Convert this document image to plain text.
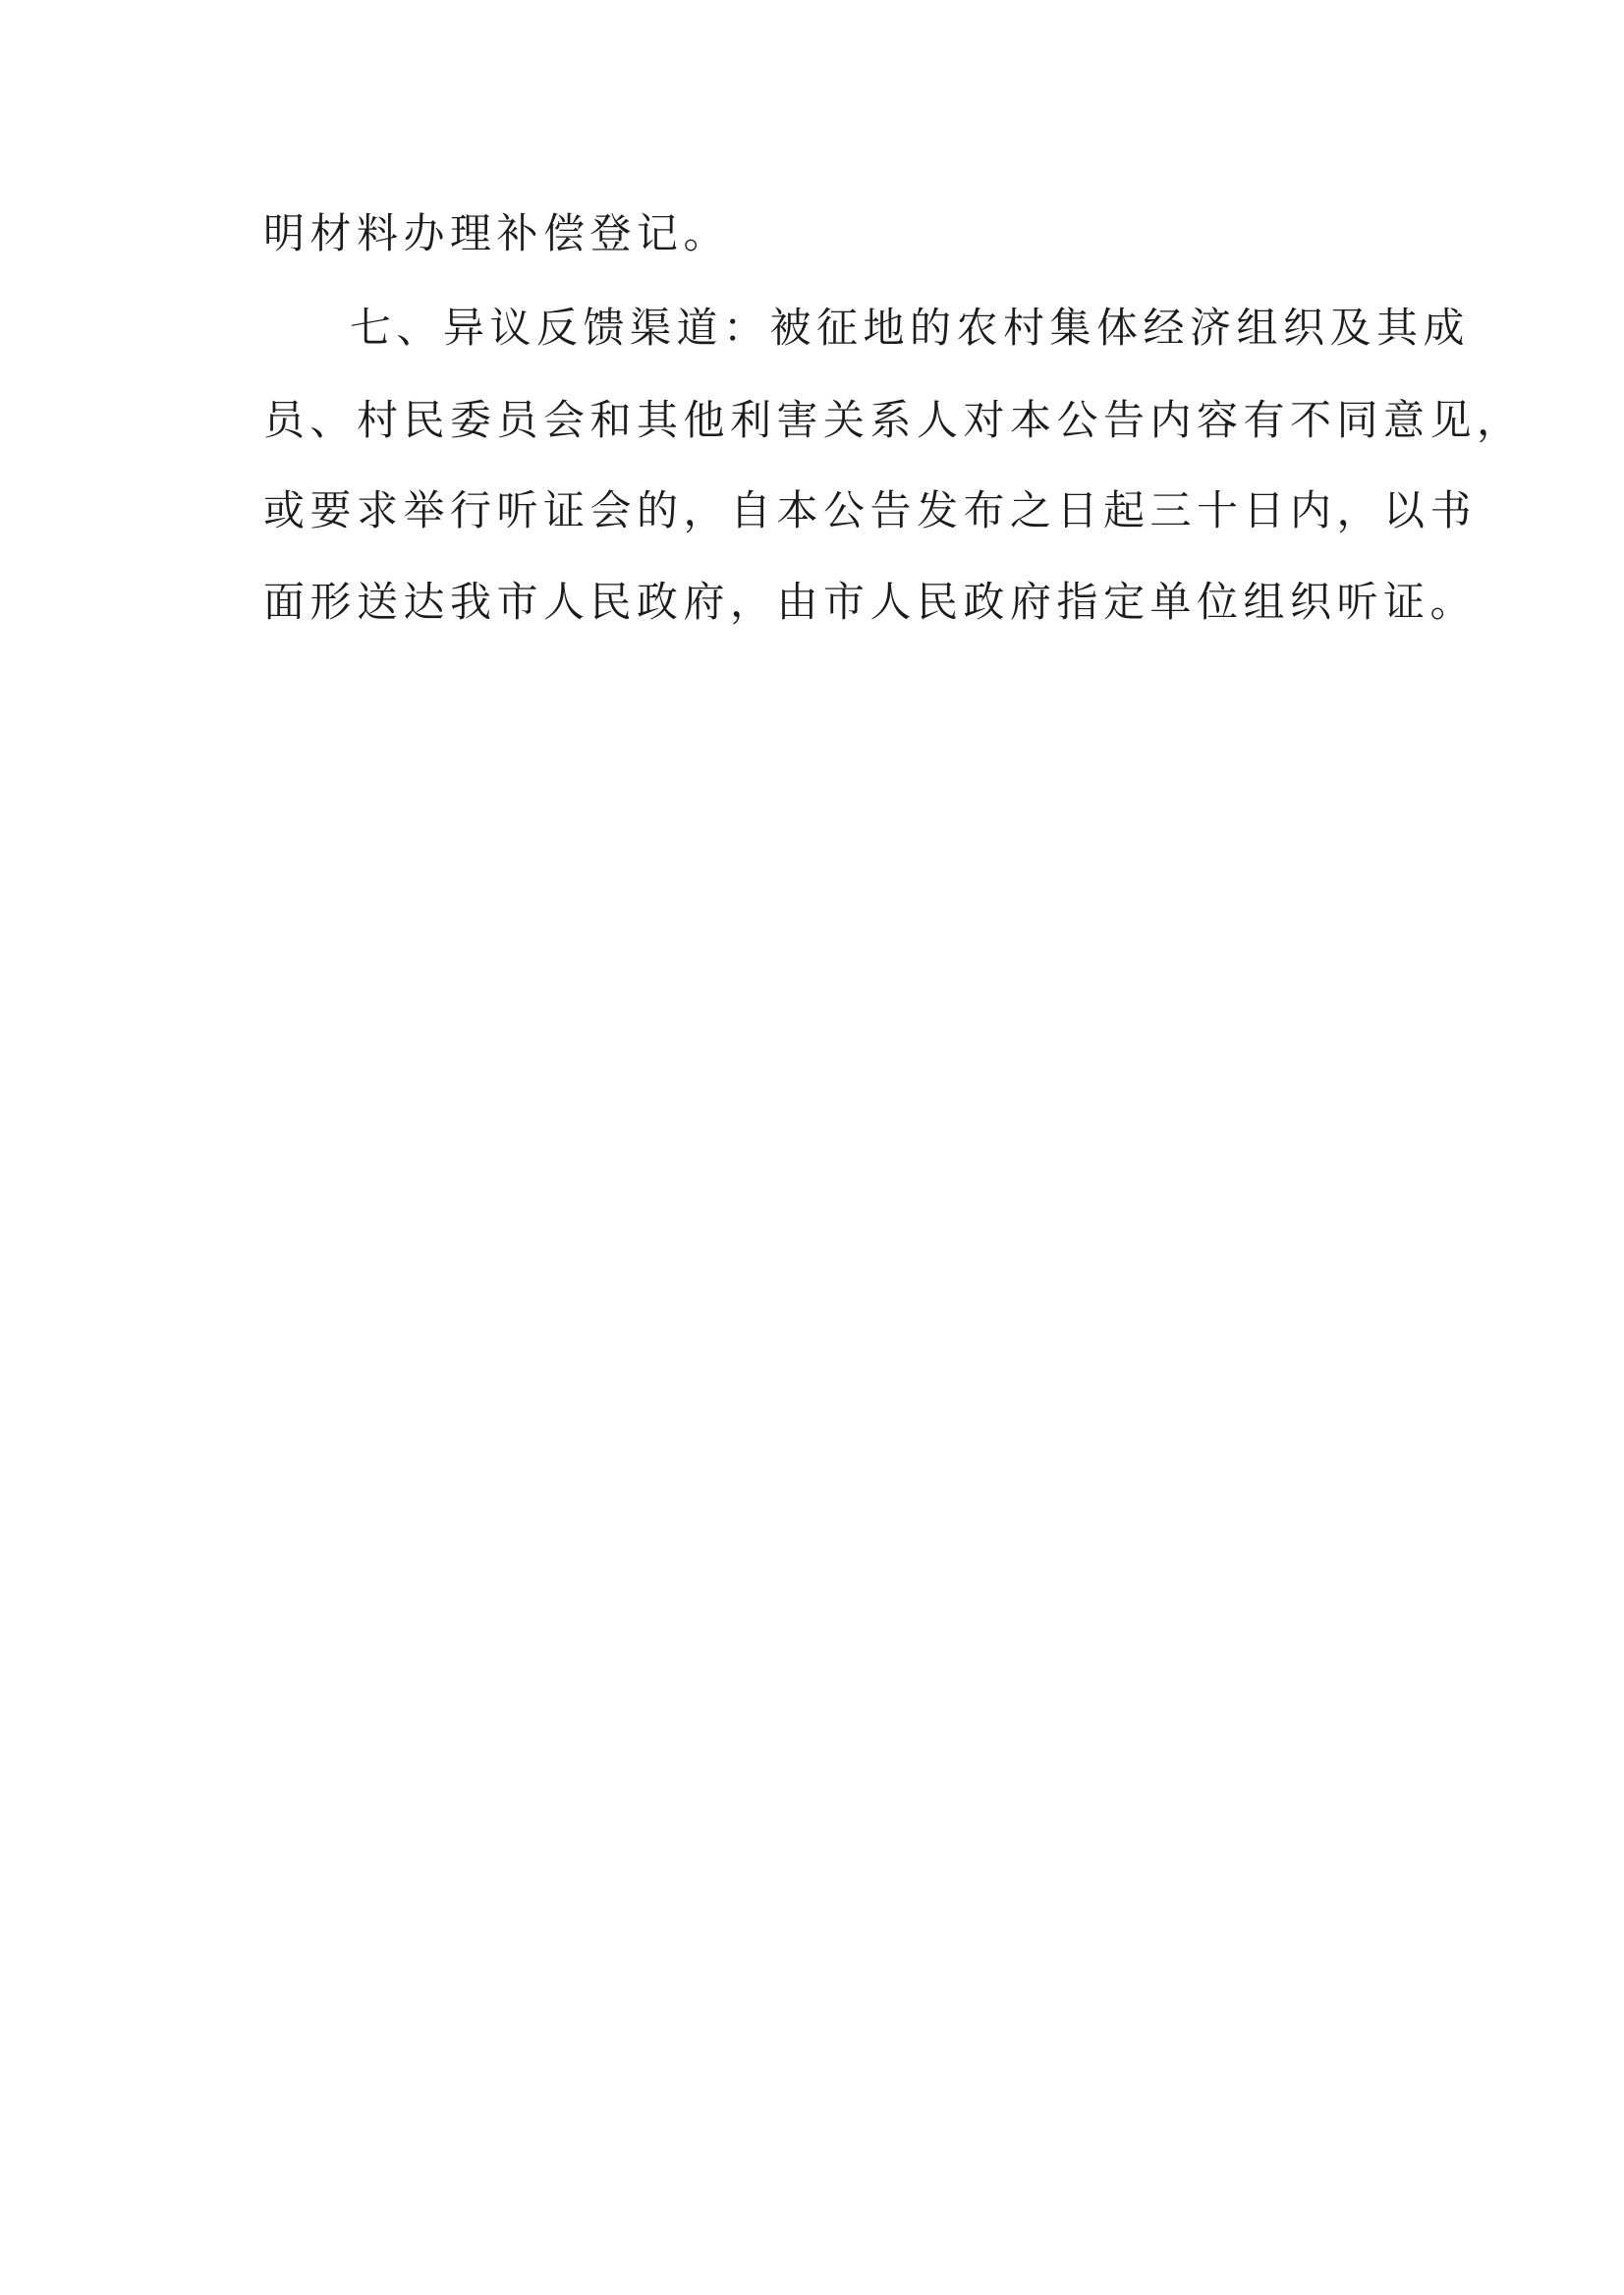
明材料办理补偿登记。
七、异议反馈渠道：被征地的农村集体经济组织及其成
员、村民委员会和其他利害关系人对本公告内容有不同意见，
或要求举行听证会的，自本公告发布之日起三十日内，以书
面形送达我市人民政府，由市人民政府指定单位组织听证。
